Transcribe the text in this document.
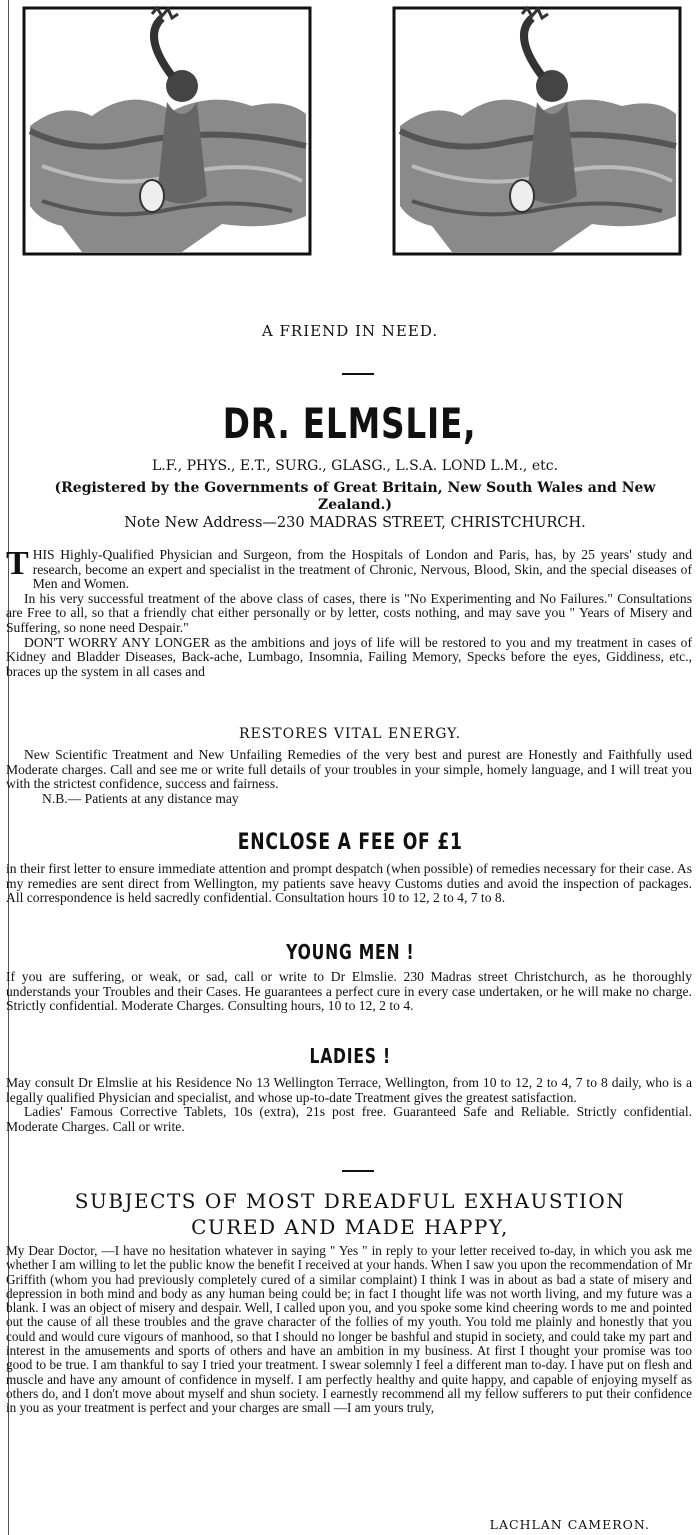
A FRIEND IN NEED.
DR. ELMSLIE,
L.F., PHYS., E.T., SURG., GLASG., L.S.A. LOND L.M., etc.
(Registered by the Governments of Great Britain, New South Wales and New Zealand.)
Note New Address—230 MADRAS STREET, CHRISTCHURCH.

THIS Highly-Qualified Physician and Surgeon, from the Hospitals of London and Paris, has, by 25 years' study and research, become an expert and specialist in the treatment of Chronic, Nervous, Blood, Skin, and the special diseases of Men and Women.

In his very successful treatment of the above class of cases, there is "No Experimenting and No Failures." Consultations are Free to all, so that a friendly chat either personally or by letter, costs nothing, and may save you " Years of Misery and Suffering, so none need Despair."

DON'T WORRY ANY LONGER as the ambitions and joys of life will be restored to you and my treatment in cases of Kidney and Bladder Diseases, Back-ache, Lumbago, Insomnia, Failing Memory, Specks before the eyes, Giddiness, etc., braces up the system in all cases and

RESTORES VITAL ENERGY.

New Scientific Treatment and New Unfailing Remedies of the very best and purest are Honestly and Faithfully used Moderate charges. Call and see me or write full details of your troubles in your simple, homely language, and I will treat you with the strictest confidence, success and fairness.

N.B.— Patients at any distance may

ENCLOSE A FEE OF £1
in their first letter to ensure immediate attention and prompt despatch (when possible) of remedies necessary for their case. As my remedies are sent direct from Wellington, my patients save heavy Customs duties and avoid the inspection of packages. All correspondence is held sacredly confidential. Consultation hours 10 to 12, 2 to 4, 7 to 8.
YOUNG MEN !
If you are suffering, or weak, or sad, call or write to Dr Elmslie. 230 Madras street Christchurch, as he thoroughly understands your Troubles and their Cases. He guarantees a perfect cure in every case undertaken, or he will make no charge. Strictly confidential. Moderate Charges. Consulting hours, 10 to 12, 2 to 4.
LADIES !

May consult Dr Elmslie at his Residence No 13 Wellington Terrace, Wellington, from 10 to 12, 2 to 4, 7 to 8 daily, who is a legally qualified Physician and specialist, and whose up-to-date Treatment gives the greatest satisfaction.

Ladies' Famous Corrective Tablets, 10s (extra), 21s post free. Guaranteed Safe and Reliable. Strictly confidential. Moderate Charges. Call or write.

SUBJECTS OF MOST DREADFUL EXHAUSTION
CURED AND MADE HAPPY,
My Dear Doctor, —I have no hesitation whatever in saying " Yes " in reply to your letter received to-day, in which you ask me whether I am willing to let the public know the benefit I received at your hands. When I saw you upon the recommendation of Mr Griffith (whom you had previously completely cured of a similar complaint) I think I was in about as bad a state of misery and depression in both mind and body as any human being could be; in fact I thought life was not worth living, and my future was a blank. I was an object of misery and despair. Well, I called upon you, and you spoke some kind cheering words to me and pointed out the cause of all these troubles and the grave character of the follies of my youth. You told me plainly and honestly that you could and would cure vigours of manhood, so that I should no longer be bashful and stupid in society, and could take my part and interest in the amusements and sports of others and have an ambition in my business. At first I thought your promise was too good to be true. I am thankful to say I tried your treatment. I swear solemnly I feel a different man to-day. I have put on flesh and muscle and have any amount of confidence in myself. I am perfectly healthy and quite happy, and capable of enjoying myself as others do, and I don't move about myself and shun society. I earnestly recommend all my fellow sufferers to put their confidence in you as your treatment is perfect and your charges are small —I am yours truly,
LACHLAN CAMERON.
